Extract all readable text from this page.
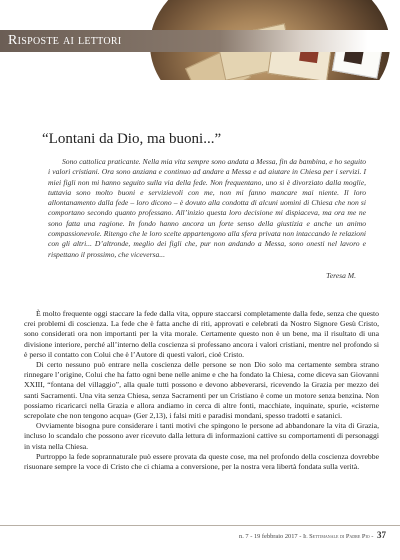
Risposte ai lettori
“Lontani da Dio, ma buoni...”

Sono cattolica praticante. Nella mia vita sempre sono andata a Messa, fin da bambina, e ho seguito i valori cristiani. Ora sono anziana e continuo ad andare a Messa e ad aiutare in Chiesa per i servizi. I miei figli non mi hanno seguito sulla via della fede. Non frequentano, uno si è divorziato dalla moglie, tuttavia sono molto buoni e servizievoli con me, non mi fanno mancare mai niente. Il loro allontanamento dalla fede – loro dicono – è dovuto alla condotta di alcuni uomini di Chiesa che non si comportano secondo quanto professano. All’inizio questa loro decisione mi dispiaceva, ma ora me ne sono fatta una ragione. In fondo hanno ancora un forte senso della giustizia e anche un animo compassionevole. Ritengo che le loro scelte appartengono alla sfera privata non intaccando le relazioni con gli altri... D’altronde, meglio dei figli che, pur non andando a Messa, sono onesti nel lavoro e rispettano il prossimo, che viceversa...

Teresa M.

È molto frequente oggi staccare la fede dalla vita, oppure staccarsi completamente dalla fede, senza che questo crei problemi di coscienza. La fede che è fatta anche di riti, approvati e celebrati da Nostro Signore Gesù Cristo, sono considerati ora non importanti per la vita morale. Certamente questo non è un bene, ma il risultato di una divisione interiore, perché all’interno della coscienza si professano ancora i valori cristiani, mentre nel profondo si è perso il contatto con Colui che è l’Autore di questi valori, cioè Cristo.

Di certo nessuno può entrare nella coscienza delle persone se non Dio solo ma certamente sembra strano rinnegare l’origine, Colui che ha fatto ogni bene nelle anime e che ha fondato la Chiesa, come diceva san Giovanni XXIII, “fontana del villaggio”, alla quale tutti possono e devono abbeverarsi, ricevendo la Grazia per mezzo dei santi Sacramenti. Una vita senza Chiesa, senza Sacramenti per un Cristiano è come un motore senza benzina. Non possiamo ricaricarci nella Grazia e allora andiamo in cerca di altre fonti, macchiate, inquinate, spurie, «cisterne screpolate che non tengono acqua» (Ger 2,13), i falsi miti e paradisi mondani, spesso tradotti e satanici.

Ovviamente bisogna pure considerare i tanti motivi che spingono le persone ad abbandonare la vita di Grazia, incluso lo scandalo che possono aver ricevuto dalla lettura di informazioni cattive su comportamenti di personaggi in vista nella Chiesa.

Purtroppo la fede soprannaturale può essere provata da queste cose, ma nel profondo della coscienza dovrebbe risuonare sempre la voce di Cristo che ci chiama a conversione, per la nostra vera libertà fondata sulla verità.

n. 7 - 19 febbraio 2017 - Il Settimanale di Padre Pio - 37
